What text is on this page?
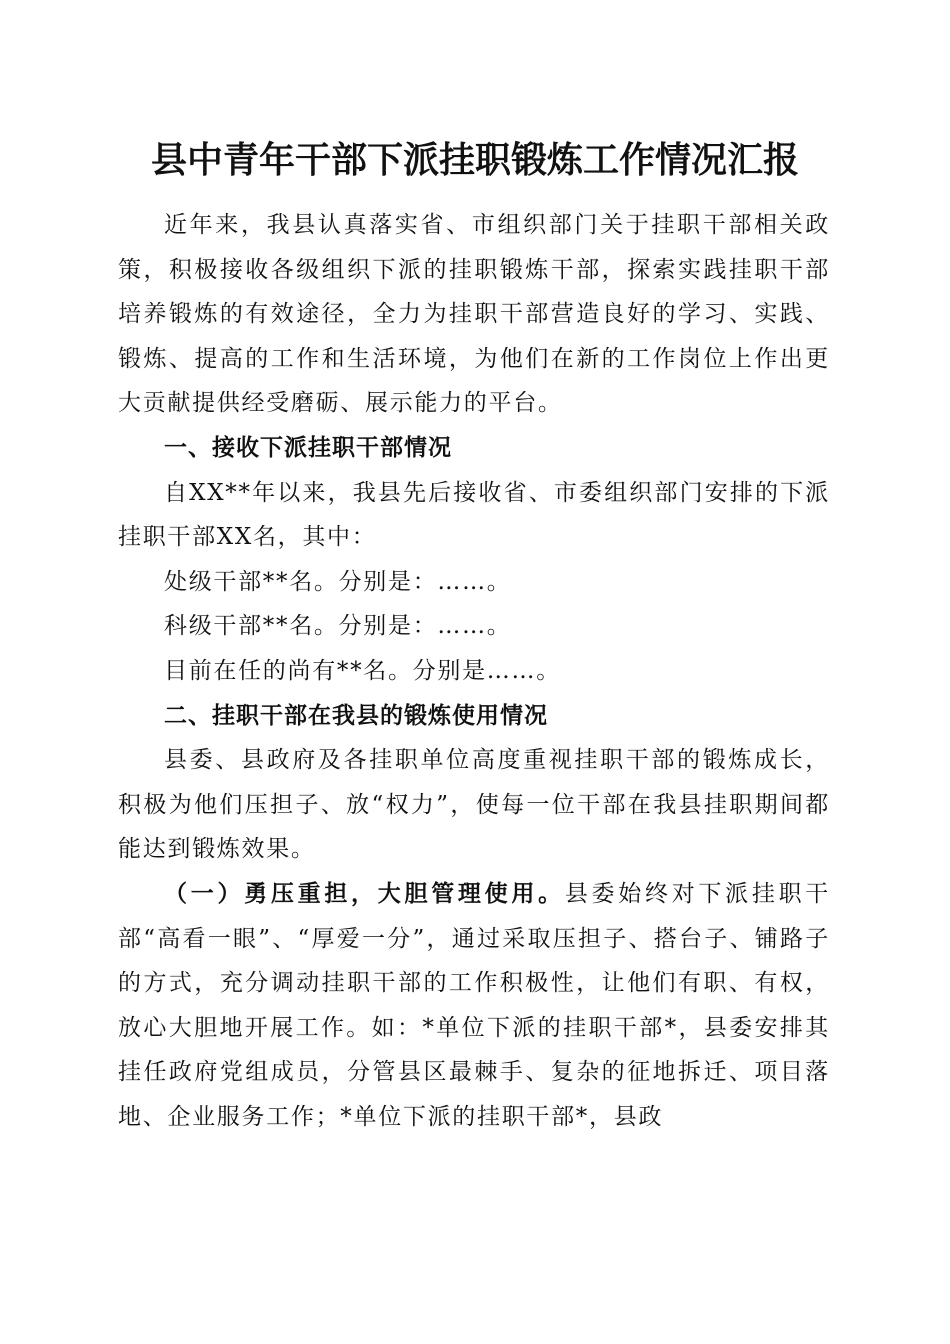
县中青年干部下派挂职锻炼工作情况汇报

近年来，我县认真落实省、市组织部门关于挂职干部相关政策，积极接收各级组织下派的挂职锻炼干部，探索实践挂职干部培养锻炼的有效途径，全力为挂职干部营造良好的学习、实践、锻炼、提高的工作和生活环境，为他们在新的工作岗位上作出更大贡献提供经受磨砺、展示能力的平台。

一、接收下派挂职干部情况

自XX**年以来，我县先后接收省、市委组织部门安排的下派挂职干部XX名，其中：

处级干部**名。分别是：……。

科级干部**名。分别是：……。

目前在任的尚有**名。分别是……。

二、挂职干部在我县的锻炼使用情况

县委、县政府及各挂职单位高度重视挂职干部的锻炼成长，积极为他们压担子、放“权力”，使每一位干部在我县挂职期间都能达到锻炼效果。

（一）勇压重担，大胆管理使用。县委始终对下派挂职干部“高看一眼”、“厚爱一分”，通过采取压担子、搭台子、铺路子的方式，充分调动挂职干部的工作积极性，让他们有职、有权，放心大胆地开展工作。如：*单位下派的挂职干部*，县委安排其挂任政府党组成员，分管县区最棘手、复杂的征地拆迁、项目落地、企业服务工作；*单位下派的挂职干部*，县政
